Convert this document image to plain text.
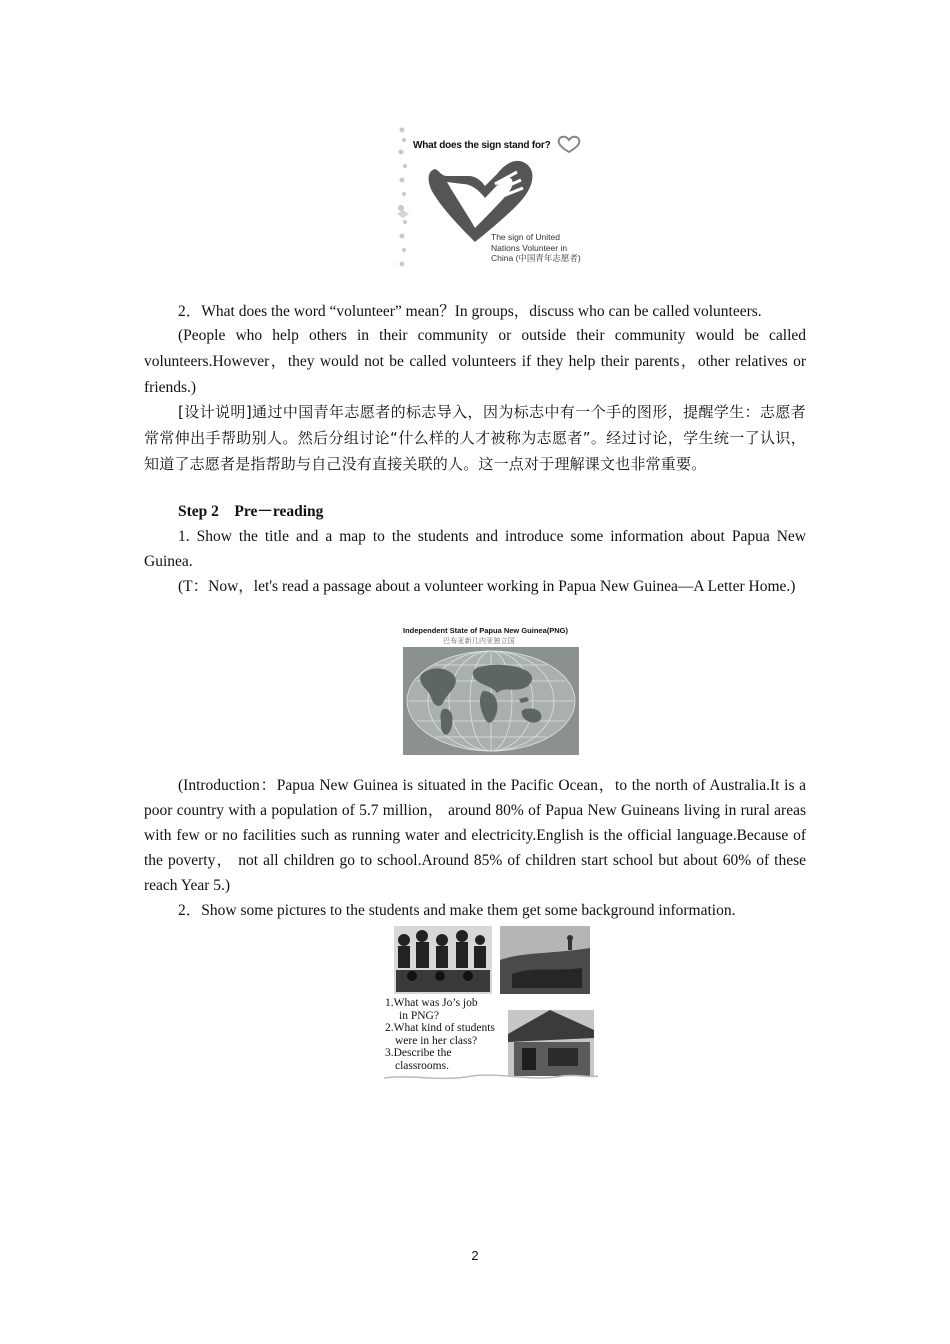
What does the sign stand for?
The sign of United
Nations Volunteer in
China (中国青年志愿者)
2．What does the word “volunteer” mean？In groups，discuss who can be called volunteers.
(People who help others in their community or outside their community would be called volunteers.However，they would not be called volunteers if they help their parents，other relatives or friends.)
[设计说明]通过中国青年志愿者的标志导入，因为标志中有一个手的图形，提醒学生：志愿者常常伸出手帮助别人。然后分组讨论“什么样的人才被称为志愿者”。经过讨论，学生统一了认识，知道了志愿者是指帮助与自己没有直接关联的人。这一点对于理解课文也非常重要。
Step 2　Pre－reading
1. Show the title and a map to the students and introduce some information about Papua New Guinea.
(T：Now，let's read a passage about a volunteer working in Papua New Guinea—A Letter Home.)
Independent State of Papua New Guinea(PNG)
巴布亚新几内亚独立国
(Introduction：Papua New Guinea is situated in the Pacific Ocean，to the north of Australia.It is a poor country with a population of 5.7 million， around 80% of Papua New Guineans living in rural areas with few or no facilities such as running water and electricity.English is the official language.Because of the poverty， not all children go to school.Around 85% of children start school but about 60% of these reach Year 5.)
2．Show some pictures to the students and make them get some background information.
1.What was Jo’s job
in PNG?
2.What kind of students
were in her class?
3.Describe the
classrooms.
2
